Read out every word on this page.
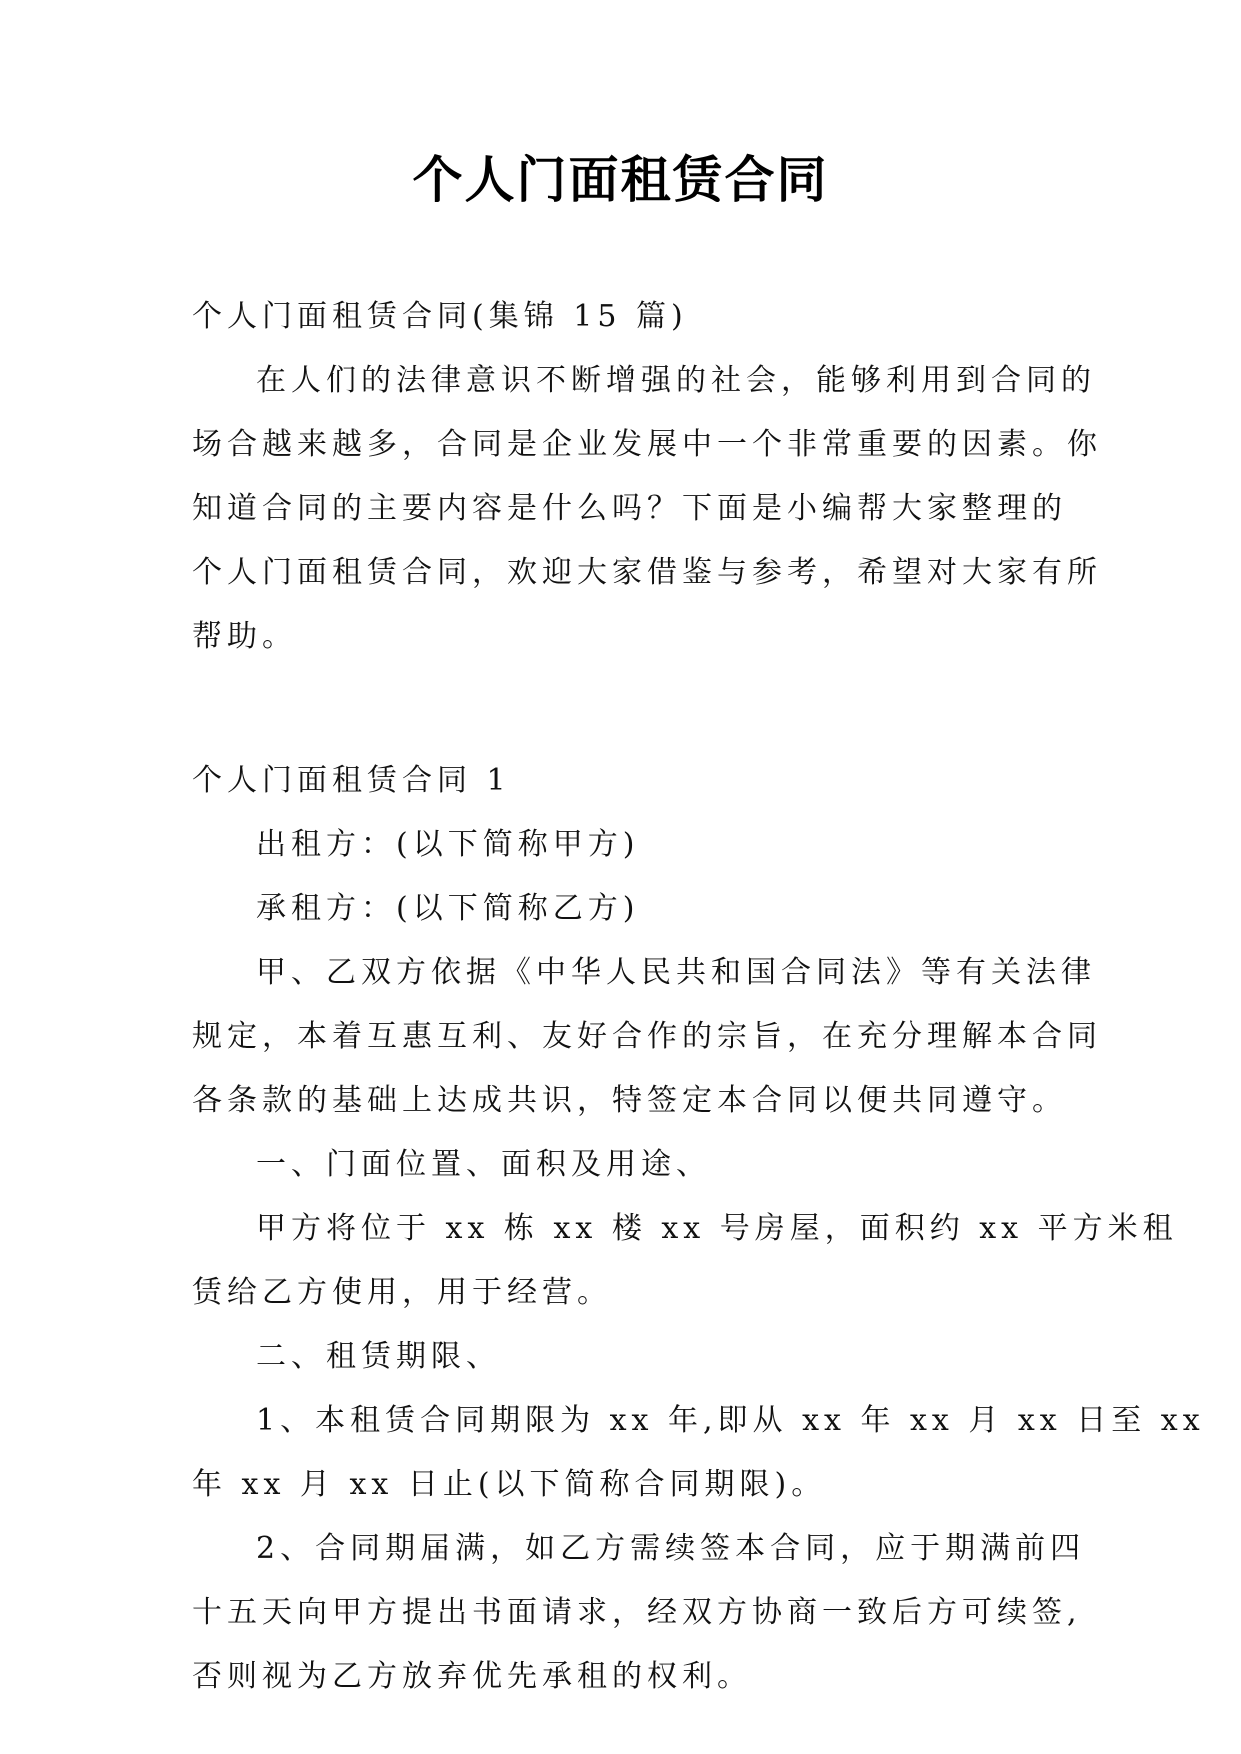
个人门面租赁合同
个人门面租赁合同(集锦 15 篇)
在人们的法律意识不断增强的社会，能够利用到合同的
场合越来越多，合同是企业发展中一个非常重要的因素。你
知道合同的主要内容是什么吗？下面是小编帮大家整理的
个人门面租赁合同，欢迎大家借鉴与参考，希望对大家有所
帮助。
个人门面租赁合同 1
出租方：(以下简称甲方)
承租方：(以下简称乙方)
甲、乙双方依据《中华人民共和国合同法》等有关法律
规定，本着互惠互利、友好合作的宗旨，在充分理解本合同
各条款的基础上达成共识，特签定本合同以便共同遵守。
一、门面位置、面积及用途、
甲方将位于 xx 栋 xx 楼 xx 号房屋，面积约 xx 平方米租
赁给乙方使用，用于经营。
二、租赁期限、
1、本租赁合同期限为 xx 年,即从 xx 年 xx 月 xx 日至 xx
年 xx 月 xx 日止(以下简称合同期限)。
2、合同期届满，如乙方需续签本合同，应于期满前四
十五天向甲方提出书面请求，经双方协商一致后方可续签,
否则视为乙方放弃优先承租的权利。
